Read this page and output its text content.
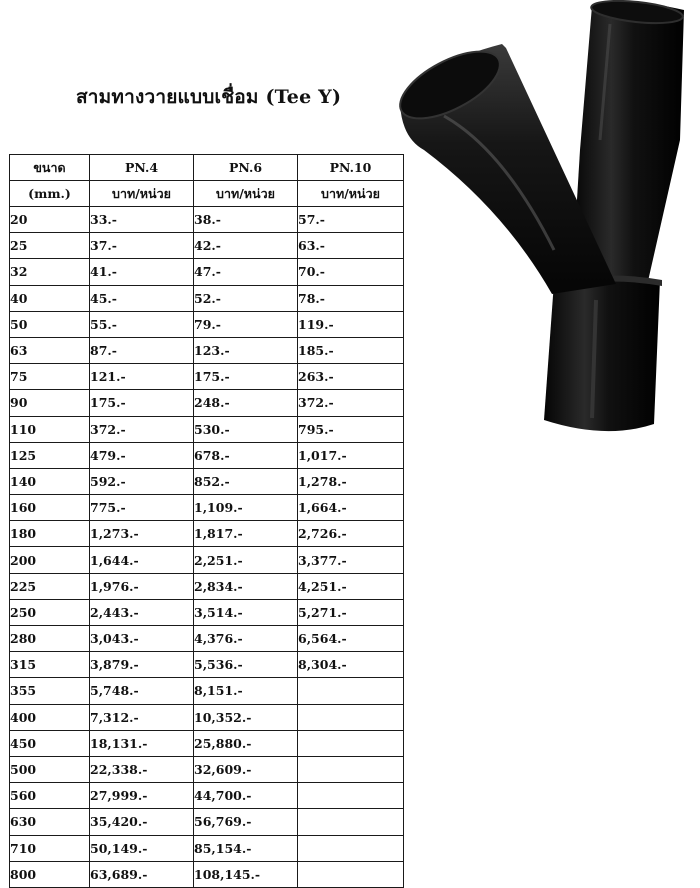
สามทางวายแบบเชื่อม (Tee Y)
ขนาด	PN.4	PN.6	PN.10
(mm.)	บาท/หน่วย	บาท/หน่วย	บาท/หน่วย
20	33.-	38.-	57.-
25	37.-	42.-	63.-
32	41.-	47.-	70.-
40	45.-	52.-	78.-
50	55.-	79.-	119.-
63	87.-	123.-	185.-
75	121.-	175.-	263.-
90	175.-	248.-	372.-
110	372.-	530.-	795.-
125	479.-	678.-	1,017.-
140	592.-	852.-	1,278.-
160	775.-	1,109.-	1,664.-
180	1,273.-	1,817.-	2,726.-
200	1,644.-	2,251.-	3,377.-
225	1,976.-	2,834.-	4,251.-
250	2,443.-	3,514.-	5,271.-
280	3,043.-	4,376.-	6,564.-
315	3,879.-	5,536.-	8,304.-
355	5,748.-	8,151.-	
400	7,312.-	10,352.-	
450	18,131.-	25,880.-	
500	22,338.-	32,609.-	
560	27,999.-	44,700.-	
630	35,420.-	56,769.-	
710	50,149.-	85,154.-	
800	63,689.-	108,145.-	
